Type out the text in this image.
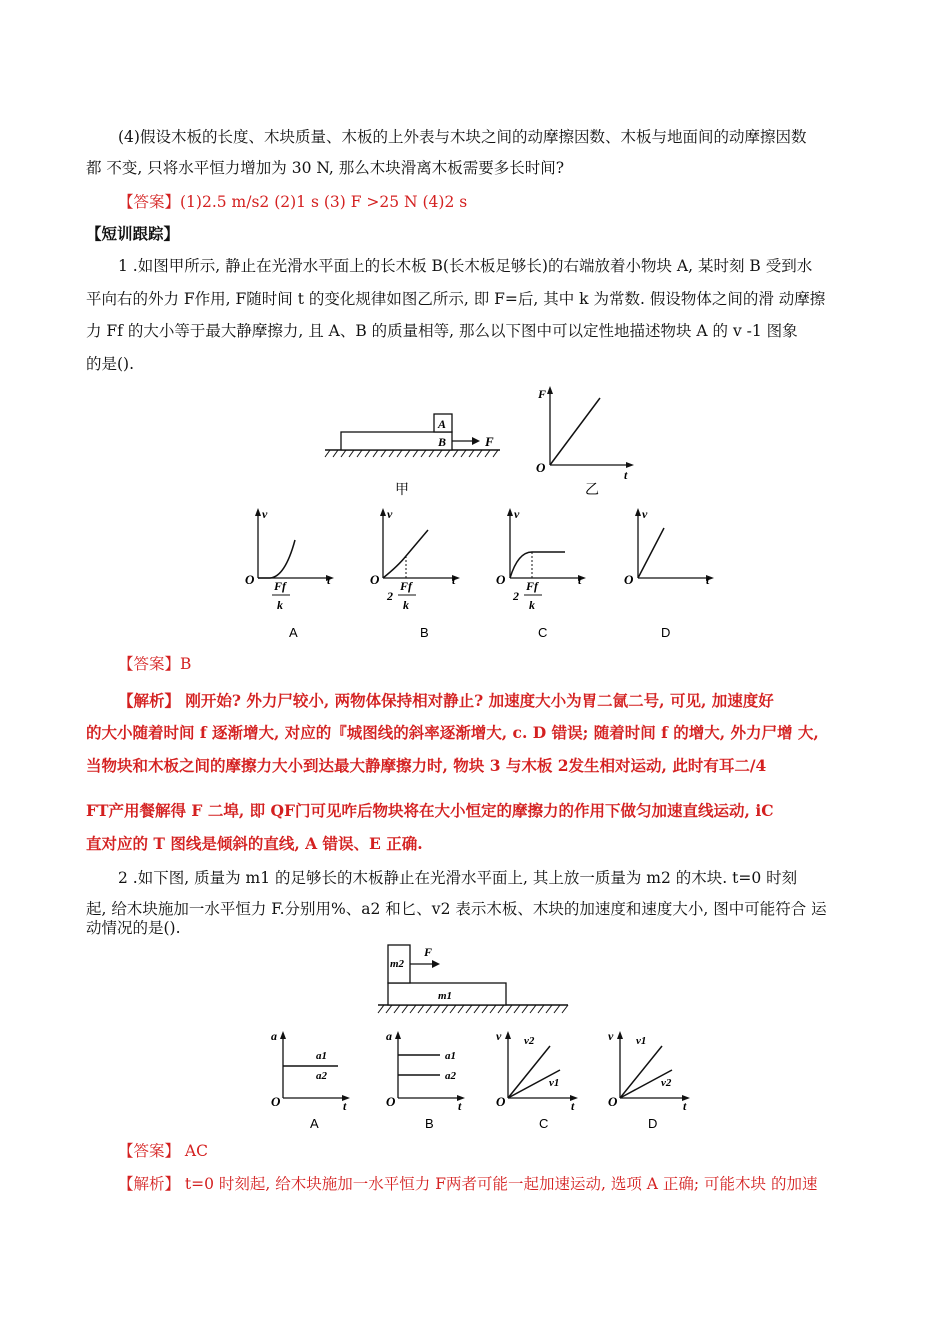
(4)假设木板的长度、木块质量、木板的上外表与木块之间的动摩擦因数、木板与地面间的动摩擦因数
都 不变, 只将水平恒力增加为 30 N, 那么木块滑离木板需要多长时间?
【答案】(1)2.5 m/s2 (2)1 s (3) F >25 N (4)2 s
【短训跟踪】
1 .如图甲所示, 静止在光滑水平面上的长木板 B(长木板足够长)的右端放着小物块 A, 某时刻 B 受到水
平向右的外力 F作用, F随时间 t 的变化规律如图乙所示, 即 F=后, 其中 k 为常数. 假设物体之间的滑 动摩擦
力 Ff 的大小等于最大静摩擦力, 且 A、B 的质量相等, 那么以下图中可以定性地描述物块 A 的 v -1 图象
的是().
A
B	F
甲
F
t
O
乙
v
O	t
Ff
k
A
v
O	t
2
Ff
k
B
v
O	t
2
Ff
k
C
v
O	t
D
【答案】B
【解析】 刚开始? 外力尸较小, 两物体保持相对静止? 加速度大小为胃二氤二号, 可见, 加速度好
的大小随着时间 f 逐渐增大, 对应的『城图线的斜率逐渐增大, c. D 错误; 随着时间 f 的增大, 外力尸增 大,
当物块和木板之间的摩擦力大小到达最大静摩擦力时, 物块 3 与木板 2发生相对运动, 此时有耳二/4
FT产用餐解得 F 二埠, 即 QF门可见咋后物块将在大小恒定的摩擦力的作用下做匀加速直线运动, iC
直对应的 T 图线是倾斜的直线, A 错误、E 正确.
2 .如下图, 质量为 m1 的足够长的木板静止在光滑水平面上, 其上放一质量为 m2 的木块. t=0 时刻
起, 给木块施加一水平恒力 F.分别用%、a2 和匕、v2 表示木板、木块的加速度和速度大小, 图中可能符合 运
动情况的是().
m2
m1
F
a
O	t
a1
a2
A
a
O	t
a1
a2
B
v
O	t
v2
v1
C
v
O	t
v1
v2
D
【答案】 AC
【解析】 t=0 时刻起, 给木块施加一水平恒力 F两者可能一起加速运动, 选项 A 正确; 可能木块 的加速
